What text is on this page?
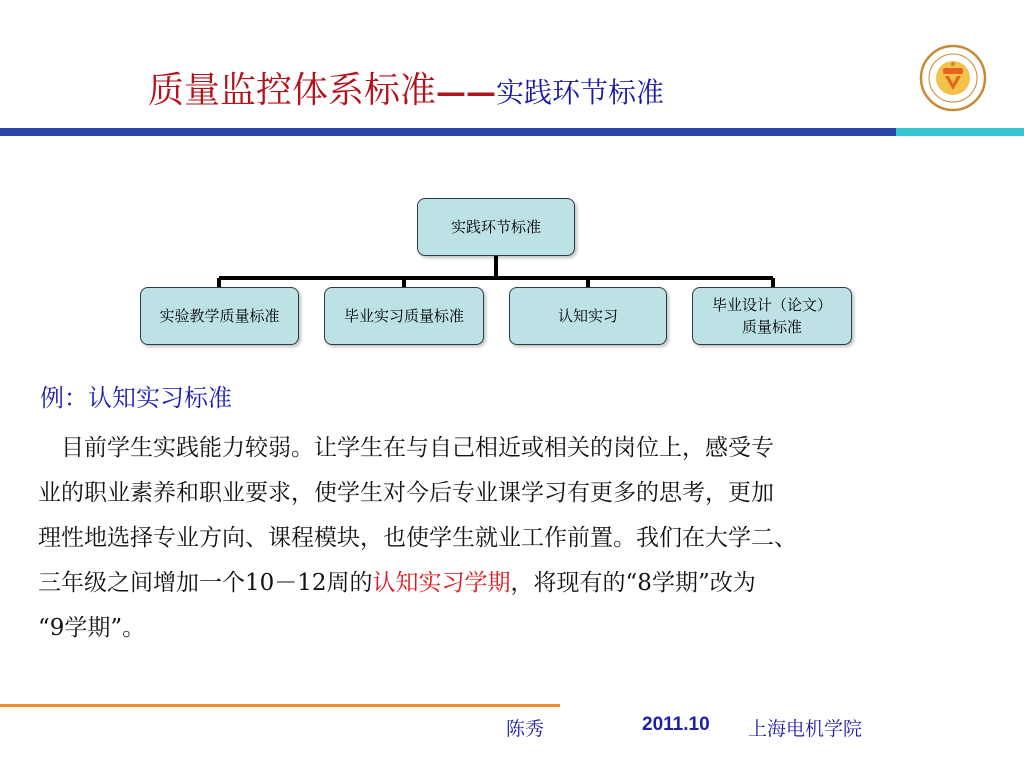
质量监控体系标准——实践环节标准
实践环节标准
实验教学质量标准	毕业实习质量标准	认知实习
毕业设计（论文）
质量标准
例：认知实习标准
　目前学生实践能力较弱。让学生在与自己相近或相关的岗位上，感受专
业的职业素养和职业要求，使学生对今后专业课学习有更多的思考，更加
理性地选择专业方向、课程模块，也使学生就业工作前置。我们在大学二、
三年级之间增加一个10－12周的认知实习学期，将现有的“8学期”改为
“9学期”。
陈秀	2011.10 上海电机学院
